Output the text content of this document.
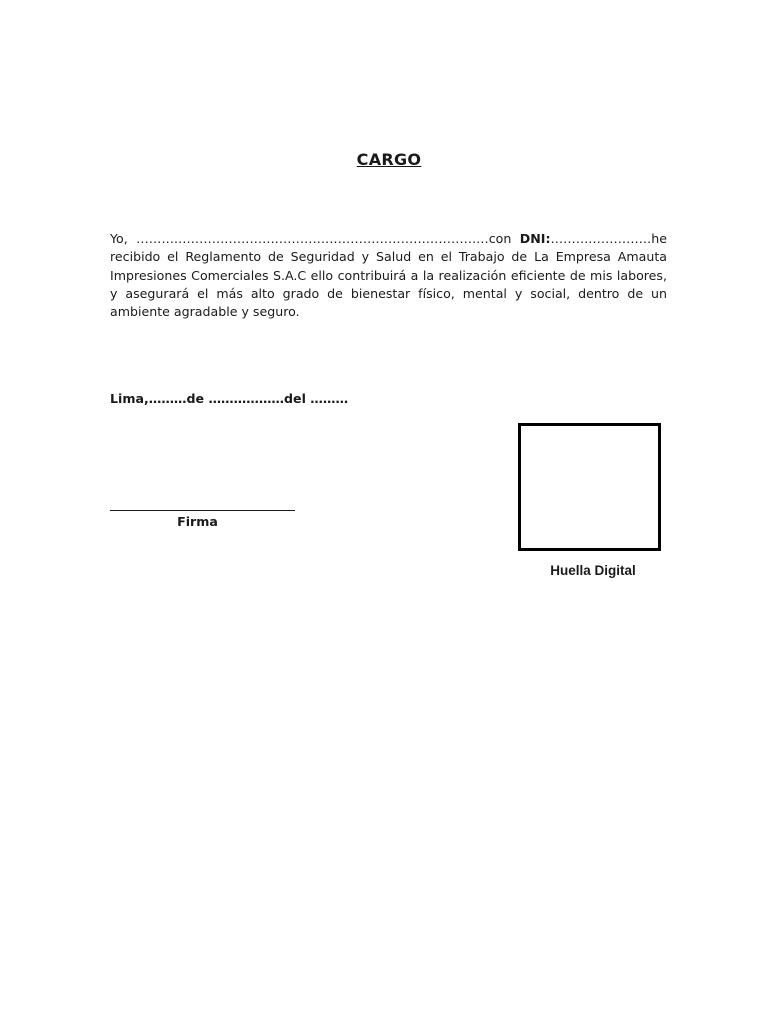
CARGO

Yo, …………………………………………………………………………con DNI:……………………he recibido el Reglamento de Seguridad y Salud en el Trabajo de La Empresa Amauta Impresiones Comerciales S.A.C ello contribuirá a la realización eficiente de mis labores, y asegurará el más alto grado de bienestar físico, mental y social, dentro de un ambiente agradable y seguro.

Lima,………de ………………del ………

Firma
Huella Digital
